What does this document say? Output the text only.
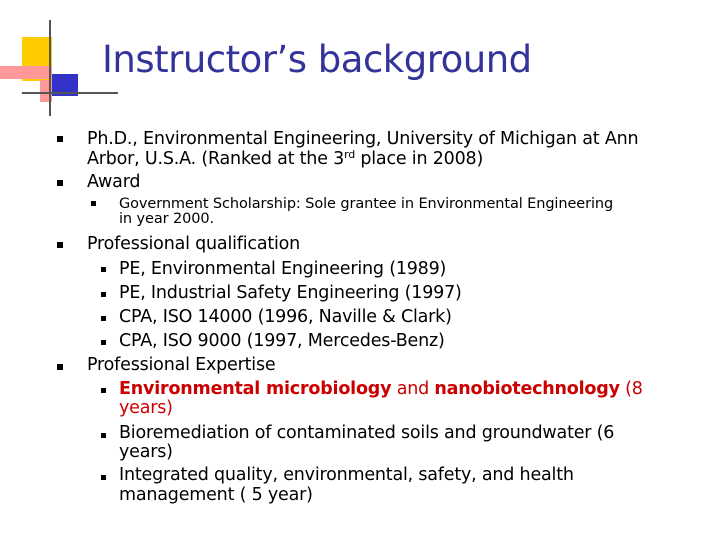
Instructor’s background
Ph.D., Environmental Engineering, University of Michigan at Ann
Arbor, U.S.A. (Ranked at the 3rd place in 2008)
Award
Government Scholarship: Sole grantee in Environmental Engineering
in year 2000.
Professional qualification
PE, Environmental Engineering (1989)
PE, Industrial Safety Engineering (1997)
CPA, ISO 14000 (1996, Naville & Clark)
CPA, ISO 9000 (1997, Mercedes-Benz)
Professional Expertise
Environmental microbiology and nanobiotechnology (8
years)
Bioremediation of contaminated soils and groundwater (6
years)
Integrated quality, environmental, safety, and health
management ( 5 year)
